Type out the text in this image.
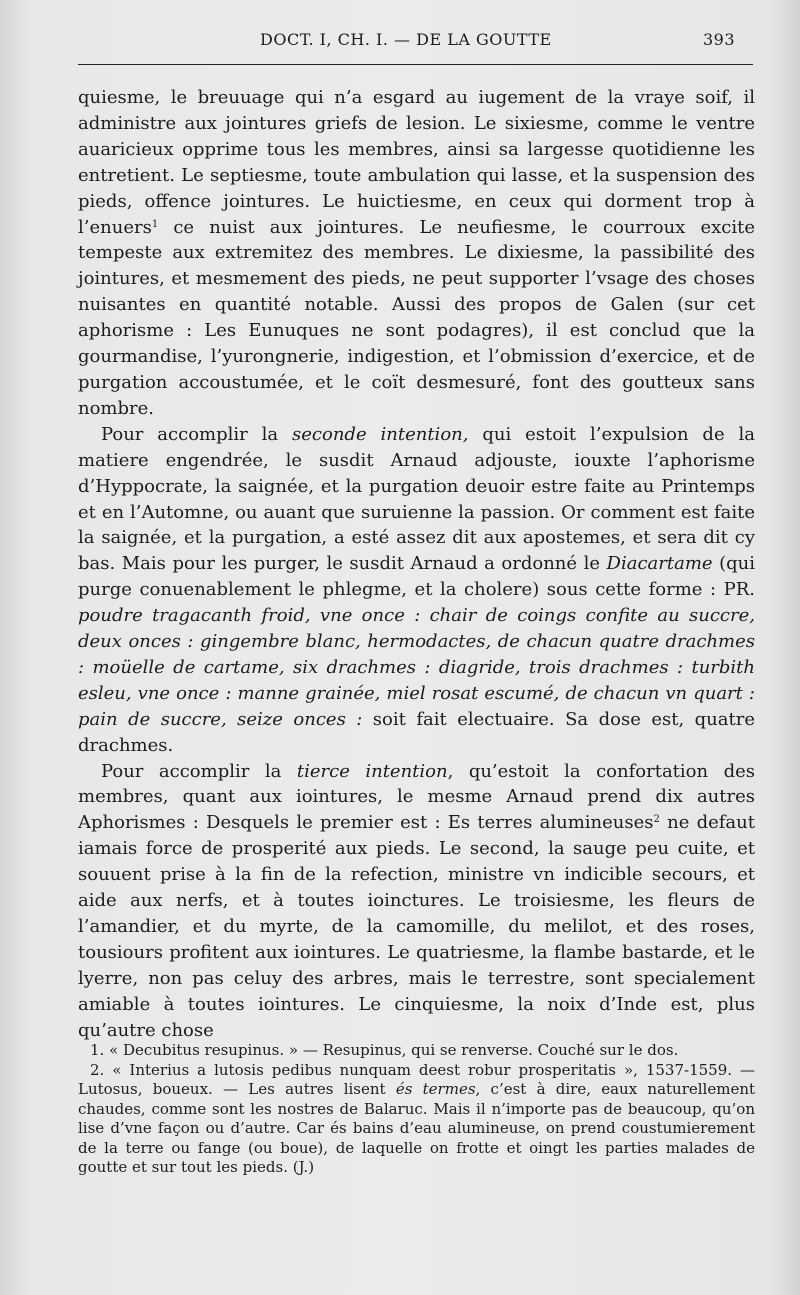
DOCT. I, CH. I. — DE LA GOUTTE	393

quiesme, le breuuage qui n’a esgard au iugement de la vraye soif, il administre aux jointures griefs de lesion. Le sixiesme, comme le ventre auaricieux opprime tous les membres, ainsi sa largesse quotidienne les entretient. Le septiesme, toute ambulation qui lasse, et la suspension des pieds, offence jointures. Le huictiesme, en ceux qui dorment trop à l’enuers$^1$ ce nuist aux jointures. Le neufiesme, le courroux excite tempeste aux extremitez des membres. Le dixiesme, la passibilité des jointures, et mesmement des pieds, ne peut supporter l’vsage des choses nuisantes en quantité notable. Aussi des propos de Galen (sur cet aphorisme : Les Eunuques ne sont podagres), il est conclud que la gourmandise, l’yurongnerie, indigestion, et l’obmission d’exercice, et de purgation accoustumée, et le coït desmesuré, font des goutteux sans nombre.

Pour accomplir la seconde intention, qui estoit l’expulsion de la matiere engendrée, le susdit Arnaud adjouste, iouxte l’aphorisme d’Hyppocrate, la saignée, et la purgation deuoir estre faite au Printemps et en l’Automne, ou auant que suruienne la passion. Or comment est faite la saignée, et la purgation, a esté assez dit aux apostemes, et sera dit cy bas. Mais pour les purger, le susdit Arnaud a ordonné le Diacartame (qui purge conuenablement le phlegme, et la cholere) sous cette forme : PR. poudre tragacanth froid, vne once : chair de coings confite au succre, deux onces : gingembre blanc, hermodactes, de chacun quatre drachmes : moüelle de cartame, six drachmes : diagride, trois drachmes : turbith esleu, vne once : manne grainée, miel rosat escumé, de chacun vn quart : pain de succre, seize onces : soit fait electuaire. Sa dose est, quatre drachmes.

Pour accomplir la tierce intention, qu’estoit la confortation des membres, quant aux iointures, le mesme Arnaud prend dix autres Aphorismes : Desquels le premier est : Es terres alumineuses$^2$ ne defaut iamais force de prosperité aux pieds. Le second, la sauge peu cuite, et souuent prise à la fin de la refection, ministre vn indicible secours, et aide aux nerfs, et à toutes ioinctures. Le troisiesme, les fleurs de l’amandier, et du myrte, de la camomille, du melilot, et des roses, tousiours profitent aux iointures. Le quatriesme, la flambe bastarde, et le lyerre, non pas celuy des arbres, mais le terrestre, sont specialement amiable à toutes iointures. Le cinquiesme, la noix d’Inde est, plus qu’autre chose

1. « Decubitus resupinus. » — Resupinus, qui se renverse. Couché sur le dos.

2. « Interius a lutosis pedibus nunquam deest robur prosperitatis », 1537-1559. — Lutosus, boueux. — Les autres lisent és termes, c’est à dire, eaux naturellement chaudes, comme sont les nostres de Balaruc. Mais il n’importe pas de beaucoup, qu’on lise d’vne façon ou d’autre. Car és bains d’eau alumineuse, on prend coustumierement de la terre ou fange (ou boue), de laquelle on frotte et oingt les parties malades de goutte et sur tout les pieds. (J.)
